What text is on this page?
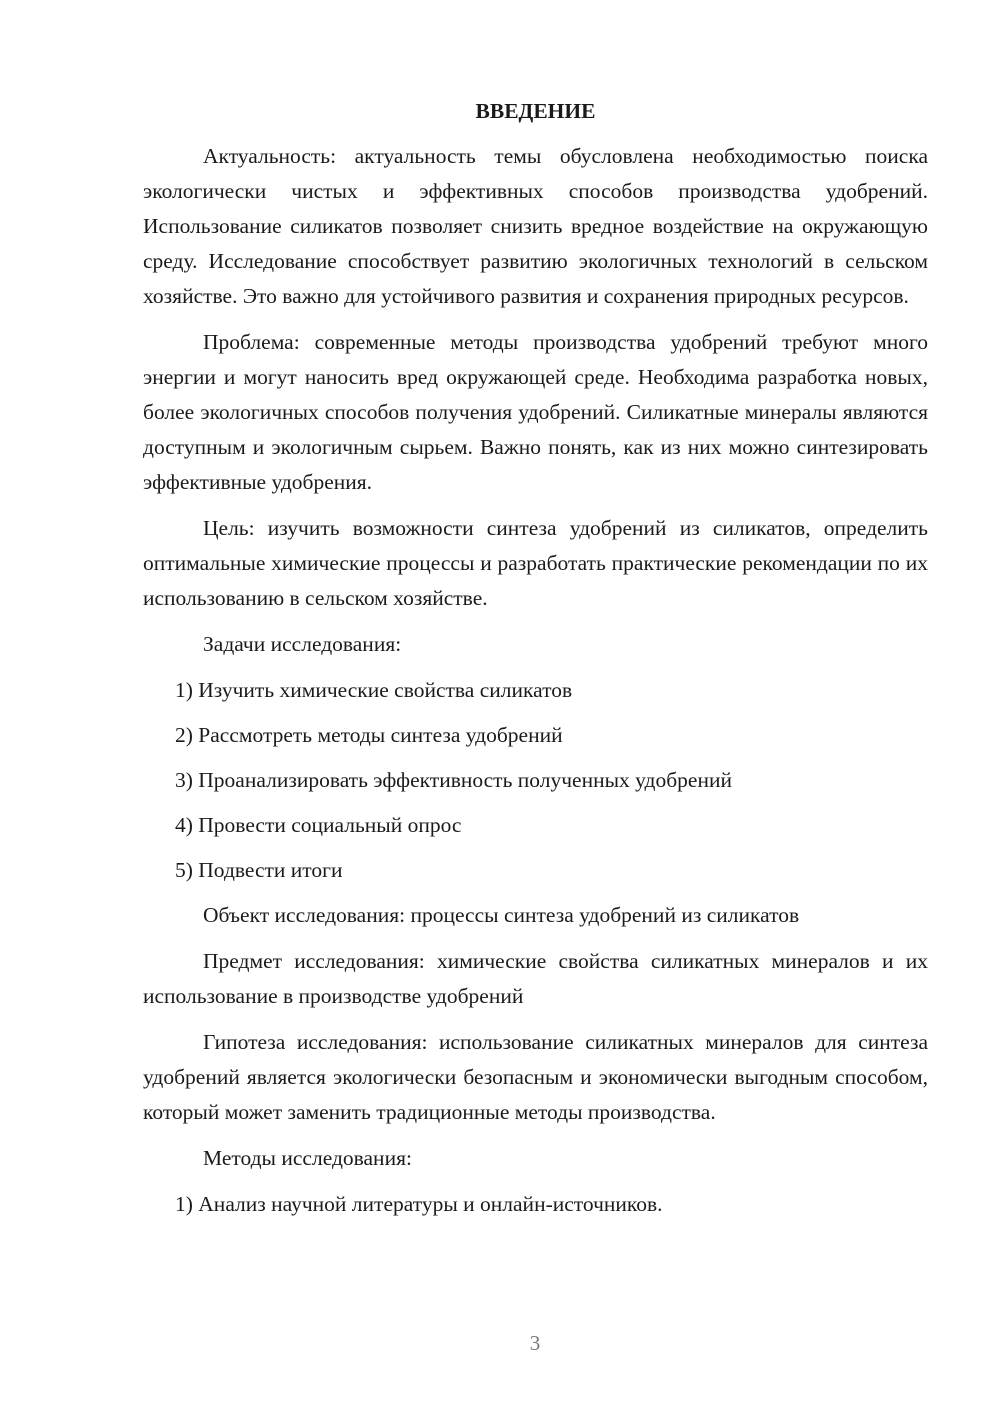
ВВЕДЕНИЕ

Актуальность: актуальность темы обусловлена необходимостью поиска экологически чистых и эффективных способов производства удобрений. Использование силикатов позволяет снизить вредное воздействие на окружающую среду. Исследование способствует развитию экологичных технологий в сельском хозяйстве. Это важно для устойчивого развития и сохранения природных ресурсов.

Проблема: современные методы производства удобрений требуют много энергии и могут наносить вред окружающей среде. Необходима разработка новых, более экологичных способов получения удобрений. Силикатные минералы являются доступным и экологичным сырьем. Важно понять, как из них можно синтезировать эффективные удобрения.

Цель: изучить возможности синтеза удобрений из силикатов, определить оптимальные химические процессы и разработать практические рекомендации по их использованию в сельском хозяйстве.

Задачи исследования:

1) Изучить химические свойства силикатов
2) Рассмотреть методы синтеза удобрений
3) Проанализировать эффективность полученных удобрений
4) Провести социальный опрос
5) Подвести итоги

Объект исследования: процессы синтеза удобрений из силикатов

Предмет исследования: химические свойства силикатных минералов и их использование в производстве удобрений

Гипотеза исследования: использование силикатных минералов для синтеза удобрений является экологически безопасным и экономически выгодным способом, который может заменить традиционные методы производства.

Методы исследования:

1) Анализ научной литературы и онлайн-источников.
3
